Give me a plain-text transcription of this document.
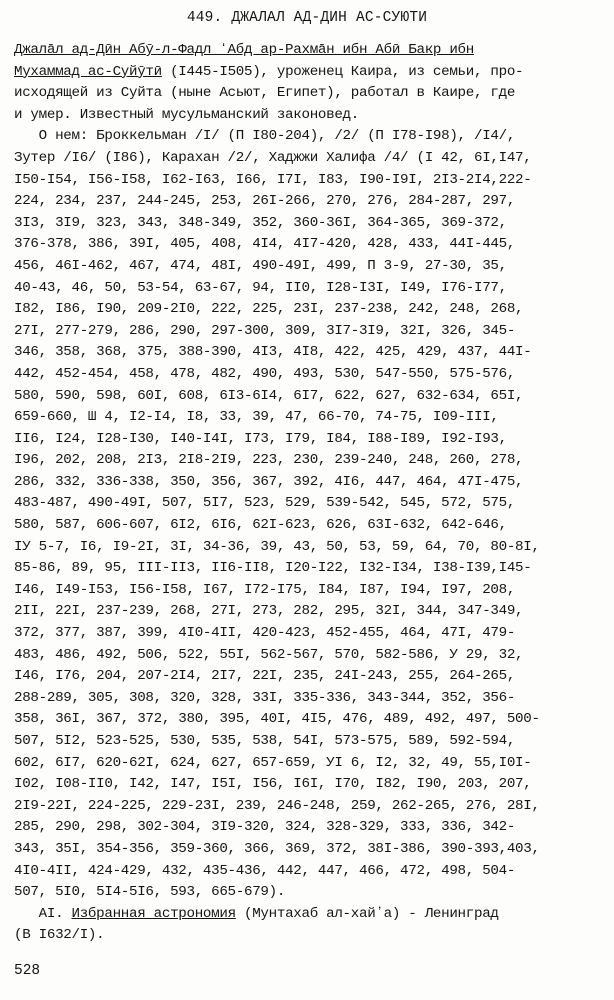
449. ДЖАЛАЛ АД-ДИН АС-СУЮТИ
Джалāл ад-Дӣн Абӯ-л-Фадл ʻАбд ар-Рахмāн ибн Абӣ Бакр ибн
Мухаммад ас-Суйӯтӣ (I445-I505), уроженец Каира, из семьи, про-
исходящей из Суйта (ныне Асьют, Египет), работал в Каире, где
и умер. Известный мусульманский законовед.
О нем: Броккельман /I/ (П I80-204), /2/ (П I78-I98), /I4/,
Зутер /I6/ (I86), Карахан /2/, Хаджжи Халифа /4/ (I 42, 6I,I47,
I50-I54, I56-I58, I62-I63, I66, I7I, I83, I90-I9I, 2I3-2I4,222-
224, 234, 237, 244-245, 253, 26I-266, 270, 276, 284-287, 297,
3I3, 3I9, 323, 343, 348-349, 352, 360-36I, 364-365, 369-372,
376-378, 386, 39I, 405, 408, 4I4, 4I7-420, 428, 433, 44I-445,
456, 46I-462, 467, 474, 48I, 490-49I, 499, П 3-9, 27-30, 35,
40-43, 46, 50, 53-54, 63-67, 94, II0, I28-I3I, I49, I76-I77,
I82, I86, I90, 209-2I0, 222, 225, 23I, 237-238, 242, 248, 268,
27I, 277-279, 286, 290, 297-300, 309, 3I7-3I9, 32I, 326, 345-
346, 358, 368, 375, 388-390, 4I3, 4I8, 422, 425, 429, 437, 44I-
442, 452-454, 458, 478, 482, 490, 493, 530, 547-550, 575-576,
580, 590, 598, 60I, 608, 6I3-6I4, 6I7, 622, 627, 632-634, 65I,
659-660, Ш 4, I2-I4, I8, 33, 39, 47, 66-70, 74-75, I09-III,
II6, I24, I28-I30, I40-I4I, I73, I79, I84, I88-I89, I92-I93,
I96, 202, 208, 2I3, 2I8-2I9, 223, 230, 239-240, 248, 260, 278,
286, 332, 336-338, 350, 356, 367, 392, 4I6, 447, 464, 47I-475,
483-487, 490-49I, 507, 5I7, 523, 529, 539-542, 545, 572, 575,
580, 587, 606-607, 6I2, 6I6, 62I-623, 626, 63I-632, 642-646,
IУ 5-7, I6, I9-2I, 3I, 34-36, 39, 43, 50, 53, 59, 64, 70, 80-8I,
85-86, 89, 95, III-II3, II6-II8, I20-I22, I32-I34, I38-I39,I45-
I46, I49-I53, I56-I58, I67, I72-I75, I84, I87, I94, I97, 208,
2II, 22I, 237-239, 268, 27I, 273, 282, 295, 32I, 344, 347-349,
372, 377, 387, 399, 4I0-4II, 420-423, 452-455, 464, 47I, 479-
483, 486, 492, 506, 522, 55I, 562-567, 570, 582-586, У 29, 32,
I46, I76, 204, 207-2I4, 2I7, 22I, 235, 24I-243, 255, 264-265,
288-289, 305, 308, 320, 328, 33I, 335-336, 343-344, 352, 356-
358, 36I, 367, 372, 380, 395, 40I, 4I5, 476, 489, 492, 497, 500-
507, 5I2, 523-525, 530, 535, 538, 54I, 573-575, 589, 592-594,
602, 6I7, 620-62I, 624, 627, 657-659, УI 6, I2, 32, 49, 55,I0I-
I02, I08-II0, I42, I47, I5I, I56, I6I, I70, I82, I90, 203, 207,
2I9-22I, 224-225, 229-23I, 239, 246-248, 259, 262-265, 276, 28I,
285, 290, 298, 302-304, 3I9-320, 324, 328-329, 333, 336, 342-
343, 35I, 354-356, 359-360, 366, 369, 372, 38I-386, 390-393,403,
4I0-4II, 424-429, 432, 435-436, 442, 447, 466, 472, 498, 504-
507, 5I0, 5I4-5I6, 593, 665-679).
AI. Избранная астрономия (Мунтахаб ал-хайʼа) - Ленинград
(В I632/I).
528
